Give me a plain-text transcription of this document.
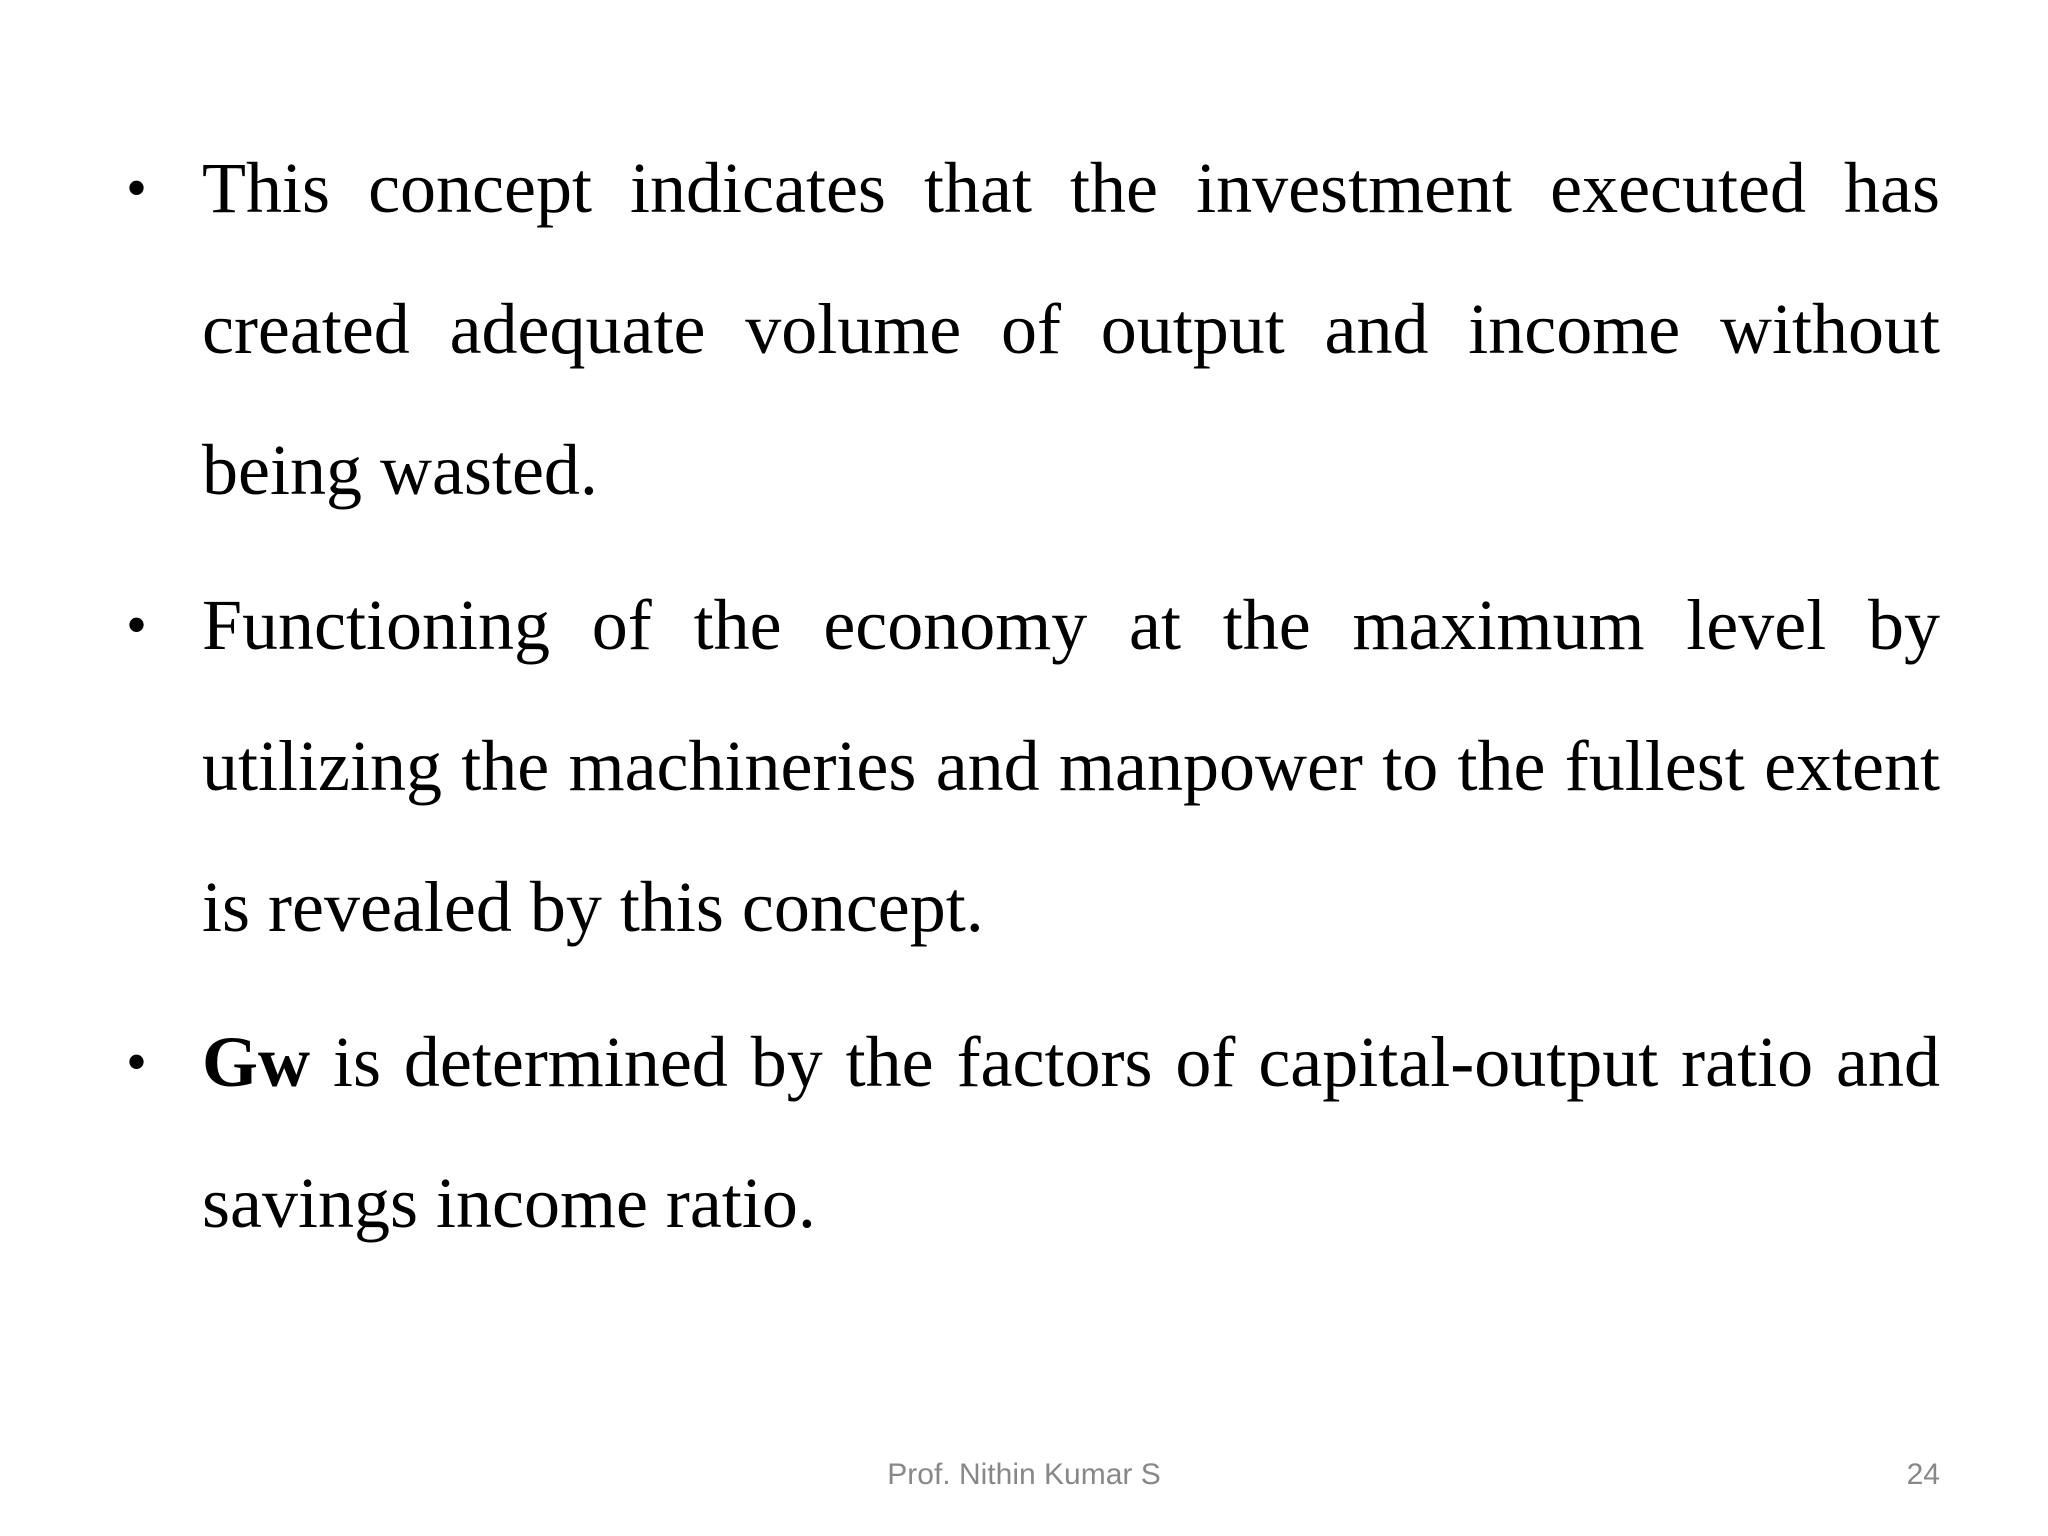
• This concept indicates that the investment executed has created adequate volume of output and income without being wasted.
• Functioning of the economy at the maximum level by utilizing the machineries and manpower to the fullest extent is revealed by this concept.
• Gw is determined by the factors of capital-output ratio and savings income ratio.
Prof. Nithin Kumar S	24
